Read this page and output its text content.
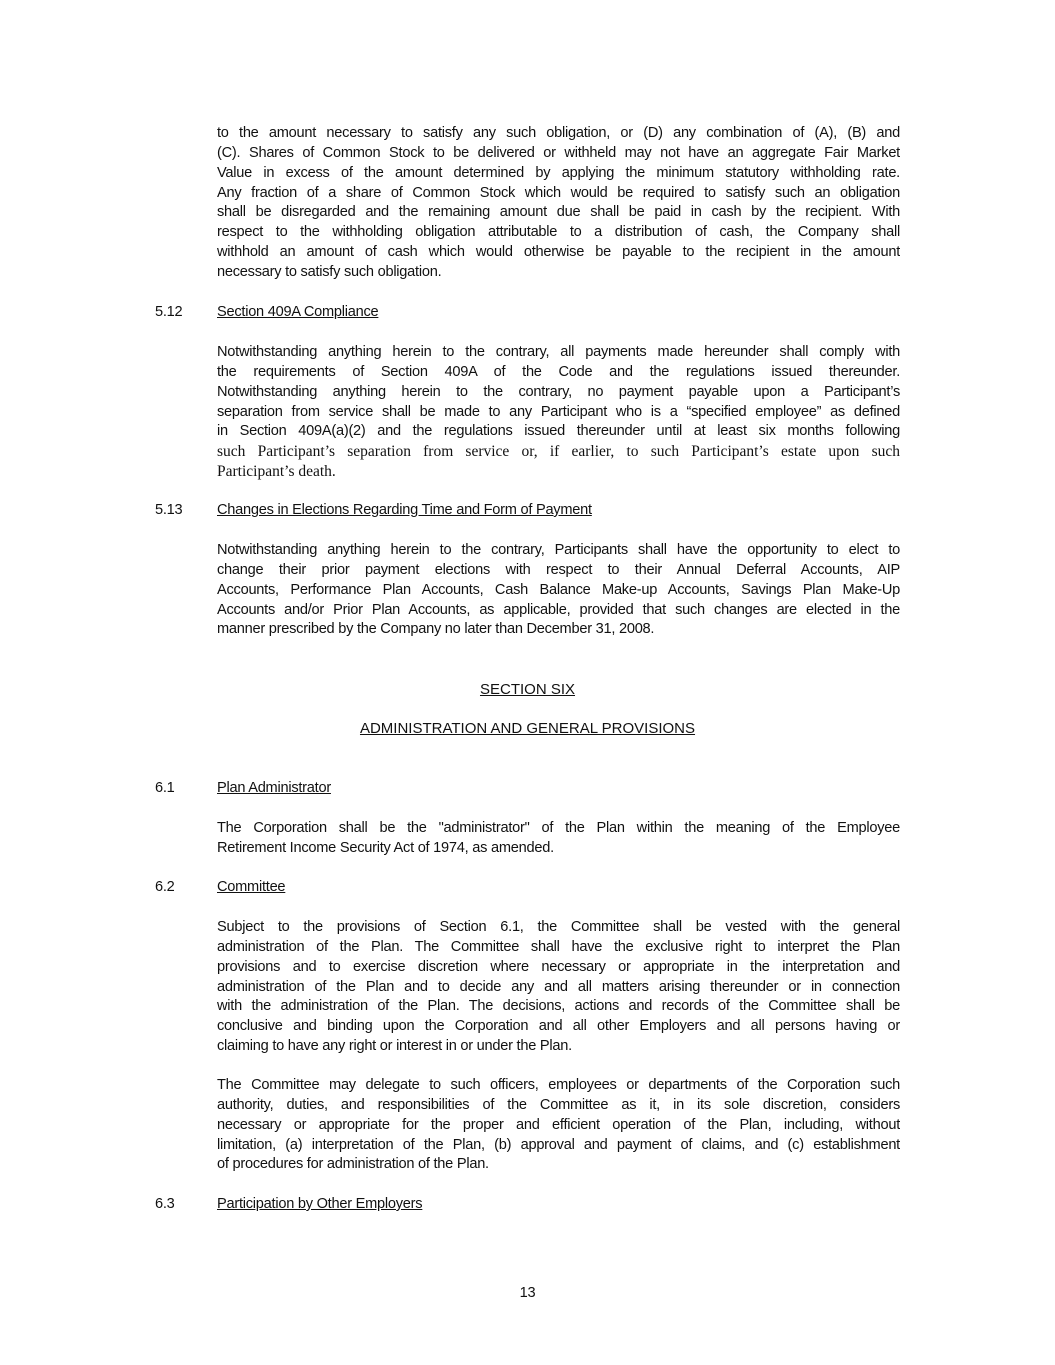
to the amount necessary to satisfy any such obligation, or (D) any combination of (A), (B) and
(C). Shares of Common Stock to be delivered or withheld may not have an aggregate Fair Market
Value in excess of the amount determined by applying the minimum statutory withholding rate.
Any fraction of a share of Common Stock which would be required to satisfy such an obligation
shall be disregarded and the remaining amount due shall be paid in cash by the recipient. With
respect to the withholding obligation attributable to a distribution of cash, the Company shall
withhold an amount of cash which would otherwise be payable to the recipient in the amount
necessary to satisfy such obligation.
5.12 Section 409A Compliance
Notwithstanding anything herein to the contrary, all payments made hereunder shall comply with
the requirements of Section 409A of the Code and the regulations issued thereunder.
Notwithstanding anything herein to the contrary, no payment payable upon a Participant’s
separation from service shall be made to any Participant who is a “specified employee” as defined
in Section 409A(a)(2) and the regulations issued thereunder until at least six months following
such Participant’s separation from service or, if earlier, to such Participant’s estate upon such
Participant’s death.
5.13 Changes in Elections Regarding Time and Form of Payment
Notwithstanding anything herein to the contrary, Participants shall have the opportunity to elect to
change their prior payment elections with respect to their Annual Deferral Accounts, AIP
Accounts, Performance Plan Accounts, Cash Balance Make-up Accounts, Savings Plan Make-Up
Accounts and/or Prior Plan Accounts, as applicable, provided that such changes are elected in the
manner prescribed by the Company no later than December 31, 2008.
SECTION SIX
ADMINISTRATION AND GENERAL PROVISIONS
6.1	Plan Administrator
The Corporation shall be the "administrator" of the Plan within the meaning of the Employee
Retirement Income Security Act of 1974, as amended.
6.2	Committee
Subject to the provisions of Section 6.1, the Committee shall be vested with the general
administration of the Plan. The Committee shall have the exclusive right to interpret the Plan
provisions and to exercise discretion where necessary or appropriate in the interpretation and
administration of the Plan and to decide any and all matters arising thereunder or in connection
with the administration of the Plan. The decisions, actions and records of the Committee shall be
conclusive and binding upon the Corporation and all other Employers and all persons having or
claiming to have any right or interest in or under the Plan.
The Committee may delegate to such officers, employees or departments of the Corporation such
authority, duties, and responsibilities of the Committee as it, in its sole discretion, considers
necessary or appropriate for the proper and efficient operation of the Plan, including, without
limitation, (a) interpretation of the Plan, (b) approval and payment of claims, and (c) establishment
of procedures for administration of the Plan.
6.3	Participation by Other Employers
13
